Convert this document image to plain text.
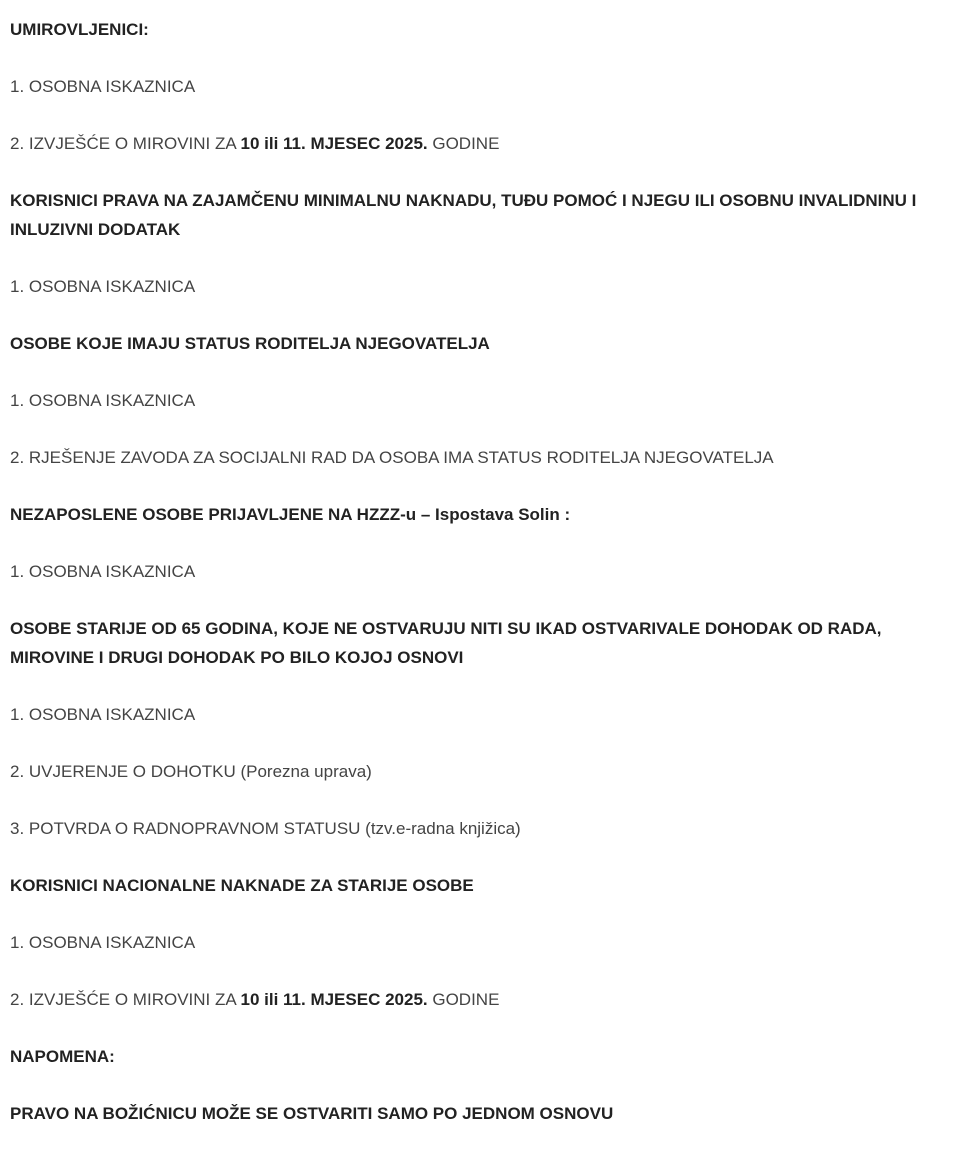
UMIROVLJENICI:

1. OSOBNA ISKAZNICA

2. IZVJEŠĆE O MIROVINI ZA 10 ili 11. MJESEC 2025. GODINE

KORISNICI PRAVA NA ZAJAMČENU MINIMALNU NAKNADU, TUĐU POMOĆ I NJEGU ILI OSOBNU INVALIDNINU I INLUZIVNI DODATAK

1. OSOBNA ISKAZNICA

OSOBE KOJE IMAJU STATUS RODITELJA NJEGOVATELJA

1. OSOBNA ISKAZNICA

2. RJEŠENJE ZAVODA ZA SOCIJALNI RAD DA OSOBA IMA STATUS RODITELJA NJEGOVATELJA

NEZAPOSLENE OSOBE PRIJAVLJENE NA HZZZ-u – Ispostava Solin :

1. OSOBNA ISKAZNICA

OSOBE STARIJE OD 65 GODINA, KOJE NE OSTVARUJU NITI SU IKAD OSTVARIVALE DOHODAK OD RADA, MIROVINE I DRUGI DOHODAK PO BILO KOJOJ OSNOVI

1. OSOBNA ISKAZNICA

2. UVJERENJE O DOHOTKU (Porezna uprava)

3. POTVRDA O RADNOPRAVNOM STATUSU (tzv.e-radna knjižica)

KORISNICI NACIONALNE NAKNADE ZA STARIJE OSOBE

1. OSOBNA ISKAZNICA

2. IZVJEŠĆE O MIROVINI ZA 10 ili 11. MJESEC 2025. GODINE

NAPOMENA:

PRAVO NA BOŽIĆNICU MOŽE SE OSTVARITI SAMO PO JEDNOM OSNOVU
